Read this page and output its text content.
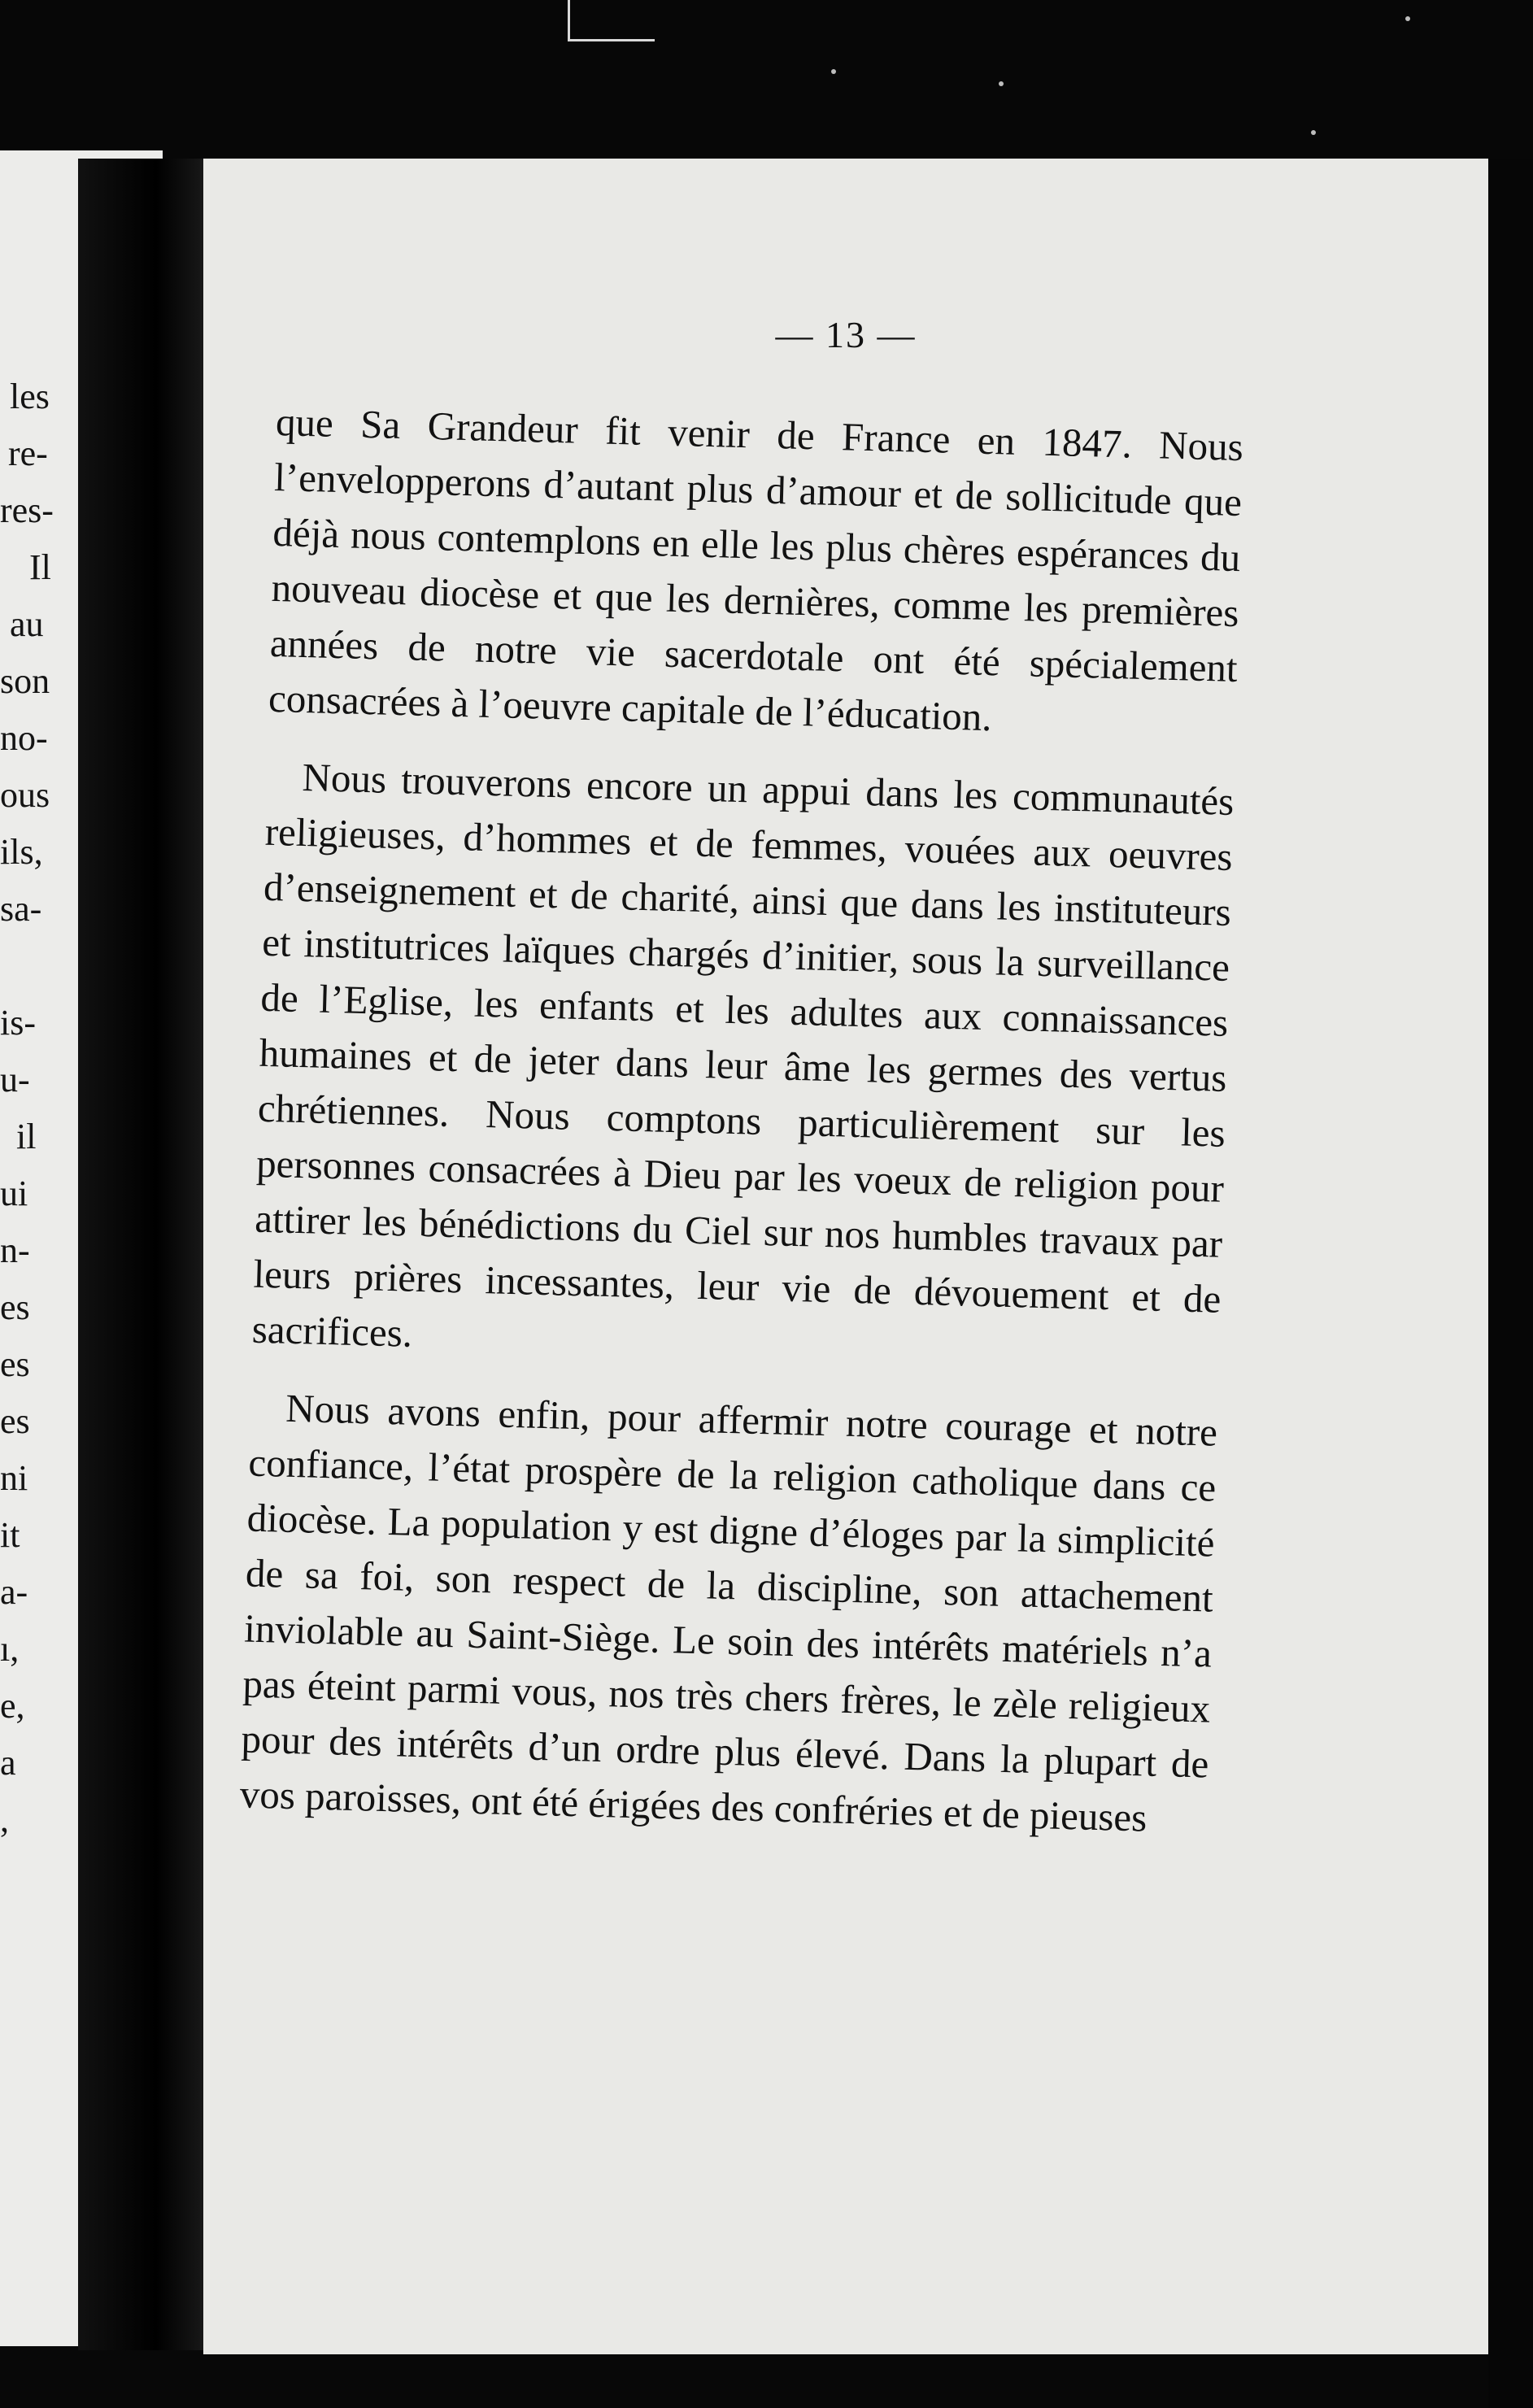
les
re-
res-
Il
au
son
no-
ous
ils,
sa-
is-
u-
il
ui
n-
es
es
es
ni
it
a-
ı,
e,
a
,
— 13 —

que Sa Grandeur fit venir de France en 1847. Nous l’envelopperons d’autant plus d’amour et de sollicitude que déjà nous contemplons en elle les plus chères espérances du nouveau diocèse et que les dernières, comme les premières années de notre vie sacerdotale ont été spécialement consacrées à l’oeuvre capitale de l’éducation.

Nous trouverons encore un appui dans les communautés religieuses, d’hommes et de femmes, vouées aux oeuvres d’enseignement et de charité, ainsi que dans les instituteurs et institutrices laïques chargés d’initier, sous la surveillance de l’Eglise, les enfants et les adultes aux connaissances humaines et de jeter dans leur âme les germes des vertus chrétiennes. Nous comptons particulièrement sur les personnes consacrées à Dieu par les voeux de religion pour attirer les bénédictions du Ciel sur nos humbles travaux par leurs prières incessantes, leur vie de dévouement et de sacrifices.

Nous avons enfin, pour affermir notre courage et notre confiance, l’état prospère de la religion catholique dans ce diocèse. La population y est digne d’éloges par la simplicité de sa foi, son respect de la discipline, son attachement inviolable au Saint-Siège. Le soin des intérêts matériels n’a pas éteint parmi vous, nos très chers frères, le zèle religieux pour des intérêts d’un ordre plus élevé. Dans la plupart de vos paroisses, ont été érigées des confréries et de pieuses
